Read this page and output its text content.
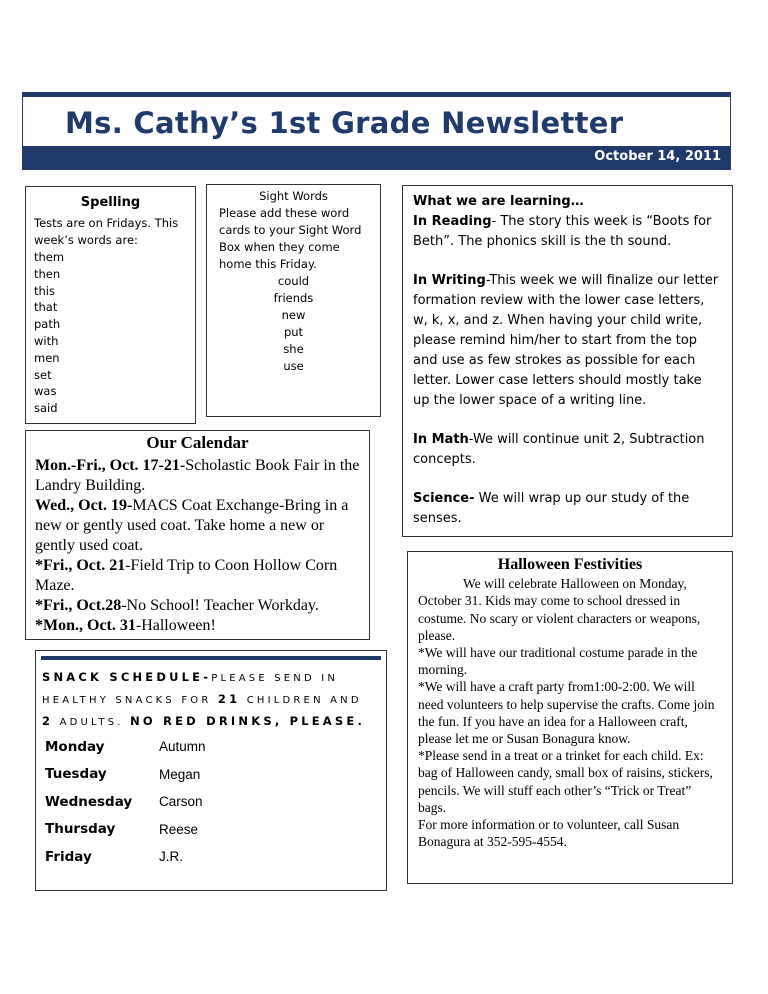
Ms. Cathy’s 1st Grade Newsletter
October 14, 2011
Spelling
Tests are on Fridays. This week’s words are:
them
then
this
that
path
with
men
set
was
said
Sight Words
Please add these word cards to your Sight Word Box when they come home this Friday.
could
friends
new
put
she
use
What we are learning…

In Reading- The story this week is “Boots for Beth”. The phonics skill is the th sound.

In Writing-This week we will finalize our letter formation review with the lower case letters, w, k, x, and z. When having your child write, please remind him/her to start from the top and use as few strokes as possible for each letter. Lower case letters should mostly take up the lower space of a writing line.

In Math-We will continue unit 2, Subtraction concepts.

Science- We will wrap up our study of the senses.

Our Calendar
Mon.-Fri., Oct. 17-21-Scholastic Book Fair in the Landry Building.
Wed., Oct. 19-MACS Coat Exchange-Bring in a new or gently used coat. Take home a new or gently used coat.
*Fri., Oct. 21-Field Trip to Coon Hollow Corn Maze.
*Fri., Oct.28-No School! Teacher Workday.
*Mon., Oct. 31-Halloween!
SNACK SCHEDULE-PLEASE SEND IN HEALTHY SNACKS FOR 21 CHILDREN AND 2 ADULTS. NO RED DRINKS, PLEASE.
Monday	Autumn
Tuesday	Megan
Wednesday	Carson
Thursday	Reese
Friday	J.R.
Halloween Festivities

We will celebrate Halloween on Monday, October 31. Kids may come to school dressed in costume. No scary or violent characters or weapons, please.

*We will have our traditional costume parade in the morning.

*We will have a craft party from1:00-2:00. We will need volunteers to help supervise the crafts. Come join the fun. If you have an idea for a Halloween craft, please let me or Susan Bonagura know.

*Please send in a treat or a trinket for each child. Ex: bag of Halloween candy, small box of raisins, stickers, pencils. We will stuff each other’s “Trick or Treat” bags.

For more information or to volunteer, call Susan Bonagura at 352-595-4554.
